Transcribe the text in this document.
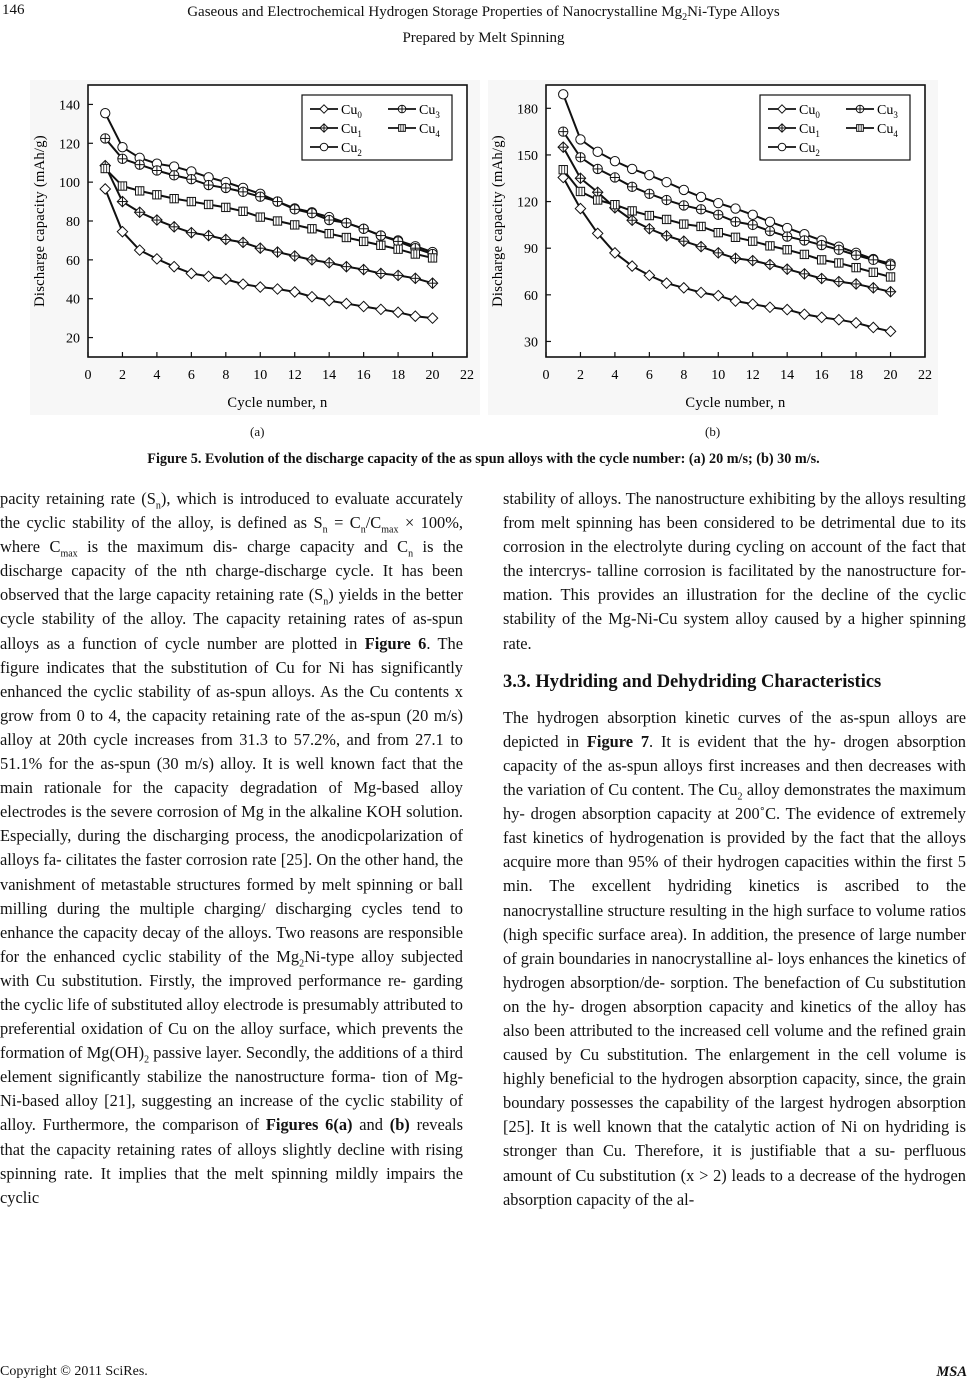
146	Gaseous and Electrochemical Hydrogen Storage Properties of Nanocrystalline $Mg_2Ni$-Type Alloys
Prepared by Melt Spinning
0 2 4 6 8 10 12 14 16 18 20 22
20
40
60
80
100
120
140
Cycle number, n
Discharge capacity (mAh/g)
$Cu_0$	$Cu_3$
$Cu_1$	$Cu_4$
$Cu_2$
0 2 4 6 8 10 12 14 16 18 20 22
30
60
90
120
150
180
Cycle number, n
Discharge capacity (mAh/g)
$Cu_0$	$Cu_3$
$Cu_1$	$Cu_4$
$Cu_2$
(a)	(b)
Figure 5. Evolution of the discharge capacity of the as spun alloys with the cycle number: (a) 20 m/s; (b) 30 m/s.

pacity retaining rate $(S_n)$, which is introduced to evaluate accurately the cyclic stability of the alloy, is defined as $S_n = C_n/C_{max} \times 100\%$, where $C_{max}$ is the maximum dis- charge capacity and $C_n$ is the discharge capacity of the nth charge-discharge cycle. It has been observed that the large capacity retaining rate $(S_n)$ yields in the better cycle stability of the alloy. The capacity retaining rates of as-spun alloys as a function of cycle number are plotted in Figure 6. The figure indicates that the substitution of Cu for Ni has significantly enhanced the cyclic stability of as-spun alloys. As the Cu contents x grow from 0 to 4, the capacity retaining rate of the as-spun (20 m/s) alloy at 20th cycle increases from 31.3 to 57.2%, and from 27.1 to 51.1% for the as-spun (30 m/s) alloy. It is well known fact that the main rationale for the capacity degradation of Mg-based alloy electrodes is the severe corrosion of Mg in the alkaline KOH solution. Especially, during the discharging process, the anodicpolarization of alloys fa- cilitates the faster corrosion rate [25]. On the other hand, the vanishment of metastable structures formed by melt spinning or ball milling during the multiple charging/ discharging cycles tend to enhance the capacity decay of the alloys. Two reasons are responsible for the enhanced cyclic stability of the $Mg_2Ni$-type alloy subjected with Cu substitution. Firstly, the improved performance re- garding the cyclic life of substituted alloy electrode is presumably attributed to preferential oxidation of Cu on the alloy surface, which prevents the formation of $Mg(OH)_2$ passive layer. Secondly, the additions of a third element significantly stabilize the nanostructure forma- tion of Mg-Ni-based alloy [21], suggesting an increase of the cyclic stability of alloy. Furthermore, the comparison of Figures 6(a) and (b) reveals that the capacity retaining rates of alloys slightly decline with rising spinning rate. It implies that the melt spinning mildly impairs the cyclic

stability of alloys. The nanostructure exhibiting by the alloys resulting from melt spinning has been considered to be detrimental due to its corrosion in the electrolyte during cycling on account of the fact that the intercrys- talline corrosion is facilitated by the nanostructure for- mation. This provides an illustration for the decline of the cyclic stability of the Mg-Ni-Cu system alloy caused by a higher spinning rate.

3.3. Hydriding and Dehydriding Characteristics

The hydrogen absorption kinetic curves of the as-spun alloys are depicted in Figure 7. It is evident that the hy- drogen absorption capacity of the as-spun alloys first increases and then decreases with the variation of Cu content. The $Cu_2$ alloy demonstrates the maximum hy- drogen absorption capacity at 200˚C. The evidence of extremely fast kinetics of hydrogenation is provided by the fact that the alloys acquire more than 95% of their hydrogen capacities within the first 5 min. The excellent hydriding kinetics is ascribed to the nanocrystalline structure resulting in the high surface to volume ratios (high specific surface area). In addition, the presence of large number of grain boundaries in nanocrystalline al- loys enhances the kinetics of hydrogen absorption/de- sorption. The benefaction of Cu substitution on the hy- drogen absorption capacity and kinetics of the alloy has also been attributed to the increased cell volume and the refined grain caused by Cu substitution. The enlargement in the cell volume is highly beneficial to the hydrogen absorption capacity, since, the grain boundary possesses the capability of the largest hydrogen absorption [25]. It is well known that the catalytic action of Ni on hydriding is stronger than Cu. Therefore, it is justifiable that a su- perfluous amount of Cu substitution (x > 2) leads to a decrease of the hydrogen absorption capacity of the al-

Copyright © 2011 SciRes.	MSA
